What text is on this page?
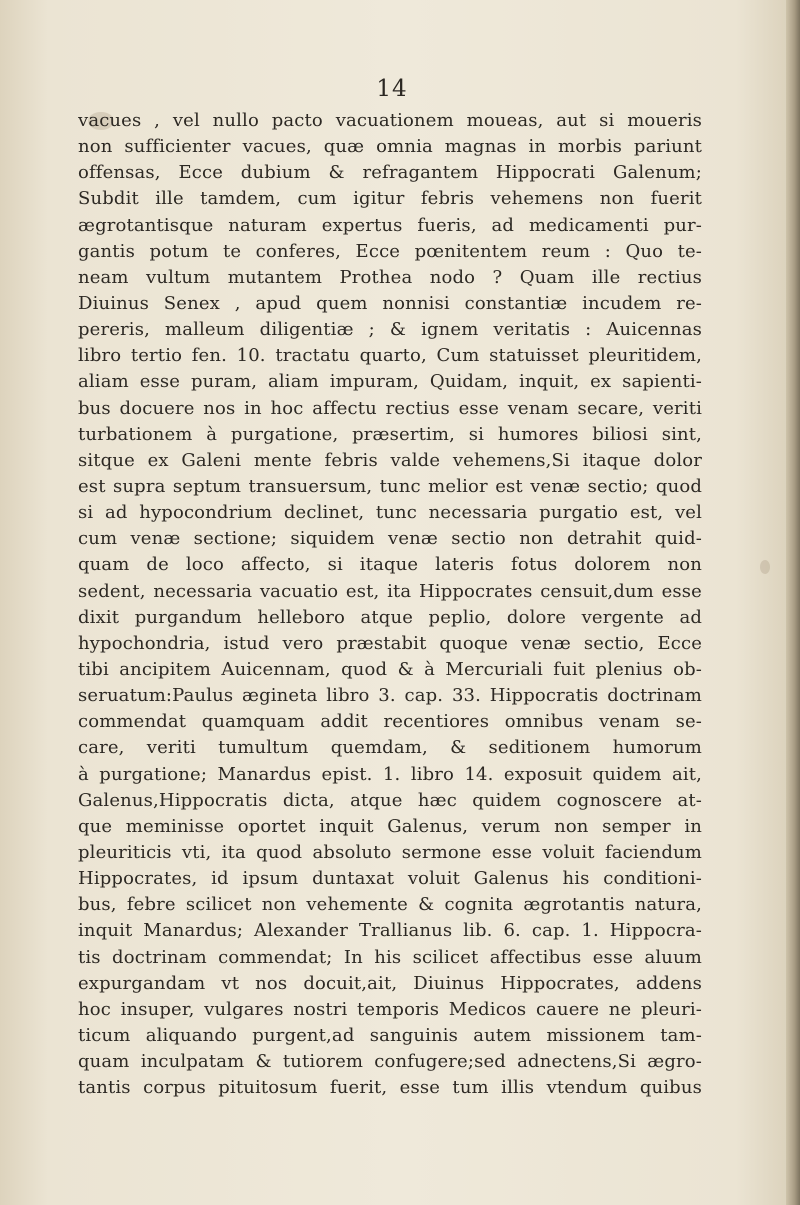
14
vacues , vel nullo pacto vacuationem moueas, aut si moueris
non sufficienter vacues, quæ omnia magnas in morbis pariunt
offensas, Ecce dubium & refragantem Hippocrati Galenum;
Subdit ille tamdem, cum igitur febris vehemens non fuerit
ægrotantisque naturam expertus fueris, ad medicamenti pur-
gantis potum te conferes, Ecce pœnitentem reum : Quo te-
neam vultum mutantem Prothea nodo ? Quam ille rectius
Diuinus Senex , apud quem nonnisi constantiæ incudem re-
pereris, malleum diligentiæ ; & ignem veritatis : Auicennas
libro tertio fen. 10. tractatu quarto, Cum statuisset pleuritidem,
aliam esse puram, aliam impuram, Quidam, inquit, ex sapienti-
bus docuere nos in hoc affectu rectius esse venam secare, veriti
turbationem à purgatione, præsertim, si humores biliosi sint,
sitque ex Galeni mente febris valde vehemens,Si itaque dolor
est supra septum transuersum, tunc melior est venæ sectio; quod
si ad hypocondrium declinet, tunc necessaria purgatio est, vel
cum venæ sectione; siquidem venæ sectio non detrahit quid-
quam de loco affecto, si itaque lateris fotus dolorem non
sedent, necessaria vacuatio est, ita Hippocrates censuit,dum esse
dixit purgandum helleboro atque peplio, dolore vergente ad
hypochondria, istud vero præstabit quoque venæ sectio, Ecce
tibi ancipitem Auicennam, quod & à Mercuriali fuit plenius ob-
seruatum:Paulus æginetа libro 3. cap. 33. Hippocratis doctrinam
commendat quamquam addit recentiores omnibus venam se-
care, veriti tumultum quemdam, & seditionem humorum
à purgatione; Manardus epist. 1. libro 14. exposuit quidem ait,
Galenus,Hippocratis dicta, atque hæc quidem cognoscere at-
que meminisse oportet inquit Galenus, verum non semper in
pleuriticis vti, ita quod absoluto sermone esse voluit faciendum
Hippocrates, id ipsum duntaxat voluit Galenus his conditioni-
bus, febre scilicet non vehemente & cognita ægrotantis natura,
inquit Manardus; Alexander Trallianus lib. 6. cap. 1. Hippocra-
tis doctrinam commendat; In his scilicet affectibus esse aluum
expurgandam vt nos docuit,ait, Diuinus Hippocrates, addens
hoc insuper, vulgares nostri temporis Medicos cauere ne pleuri-
ticum aliquando purgent,ad sanguinis autem missionem tam-
quam inculpatam & tutiorem confugere;sed adnectens,Si ægro-
tantis corpus pituitosum fuerit, esse tum illis vtendum quibus
